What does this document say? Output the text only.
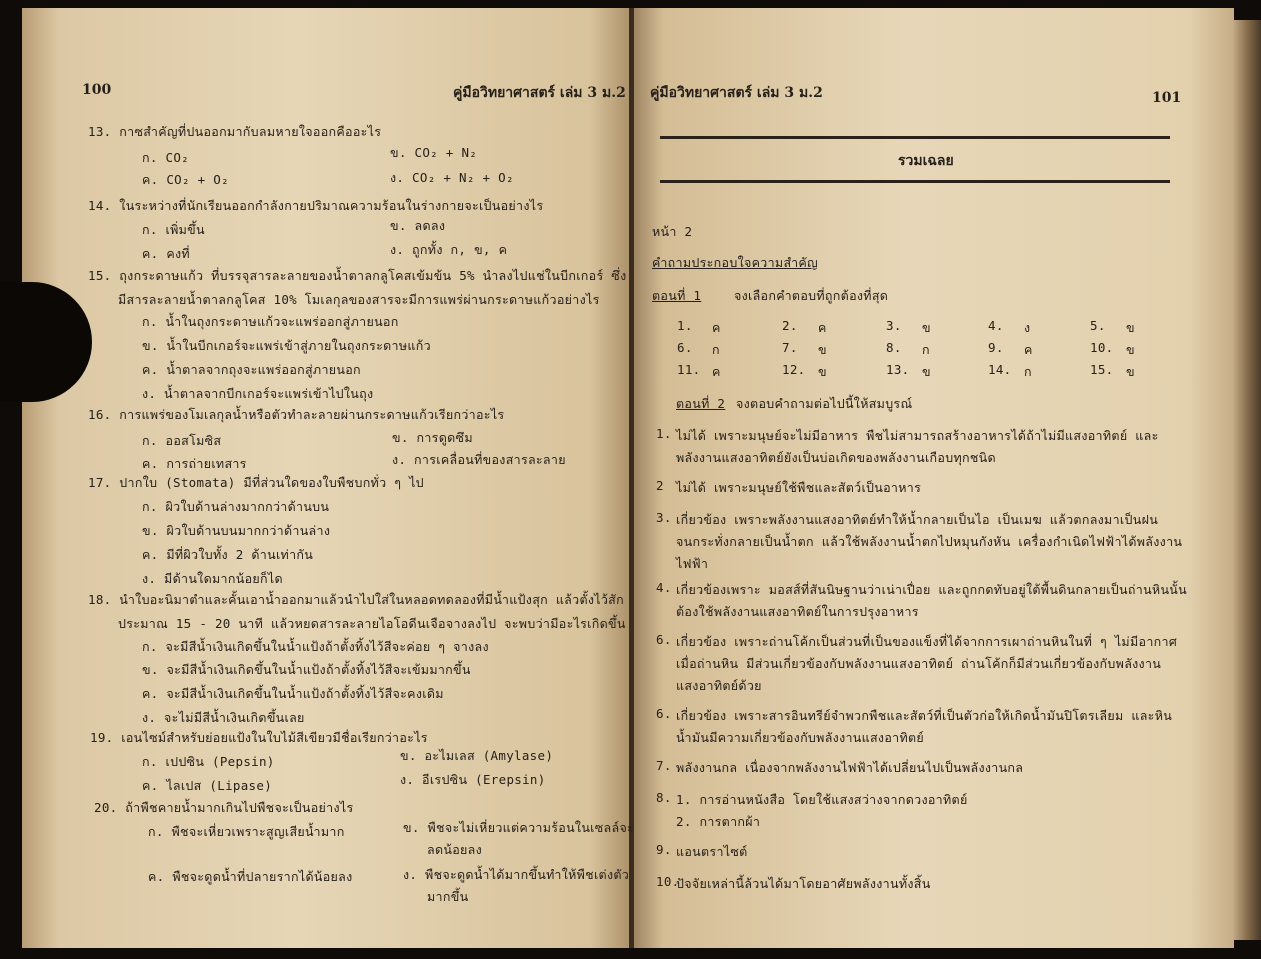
100	คู่มือวิทยาศาสตร์ เล่ม 3 ม.2
13. กาซสำคัญที่ปนออกมากับลมหายใจออกคืออะไร
ก. CO₂	ข. CO₂ + N₂
ค. CO₂ + O₂	ง. CO₂ + N₂ + O₂
14. ในระหว่างที่นักเรียนออกกำลังกายปริมาณความร้อนในร่างกายจะเป็นอย่างไร
ก. เพิ่มขึ้น	ข. ลดลง
ค. คงที่	ง. ถูกทั้ง ก, ข, ค
15. ถุงกระดาษแก้ว ที่บรรจุสารละลายของน้ำตาลกลูโคสเข้มข้น 5% นำลงไปแช่ในบีกเกอร์ ซึ่ง
มีสารละลายน้ำตาลกลูโคส 10% โมเลกุลของสารจะมีการแพร่ผ่านกระดาษแก้วอย่างไร
ก. น้ำในถุงกระดาษแก้วจะแพร่ออกสู่ภายนอก
ข. น้ำในบีกเกอร์จะแพร่เข้าสู่ภายในถุงกระดาษแก้ว
ค. น้ำตาลจากถุงจะแพร่ออกสู่ภายนอก
ง. น้ำตาลจากบีกเกอร์จะแพร่เข้าไปในถุง
16. การแพร่ของโมเลกุลน้ำหรือตัวทำละลายผ่านกระดาษแก้วเรียกว่าอะไร
ก. ออสโมซิส	ข. การดูดซึม
ค. การถ่ายเทสาร	ง. การเคลื่อนที่ของสารละลาย
17. ปากใบ (Stomata) มีที่ส่วนใดของใบพืชบกทั่ว ๆ ไป
ก. ผิวใบด้านล่างมากกว่าด้านบน
ข. ผิวใบด้านบนมากกว่าด้านล่าง
ค. มีที่ผิวใบทั้ง 2 ด้านเท่ากัน
ง. มีด้านใดมากน้อยก็ได
18. นำใบอะนิมาตำและคั้นเอาน้ำออกมาแล้วนำไปใส่ในหลอดทดลองที่มีน้ำแป้งสุก แล้วตั้งไว้สัก
ประมาณ 15 - 20 นาที แล้วหยดสารละลายไอโอดีนเจือจางลงไป จะพบว่ามีอะไรเกิดขึ้น
ก. จะมีสีน้ำเงินเกิดขึ้นในน้ำแป้งถ้าตั้งทิ้งไว้สีจะค่อย ๆ จางลง
ข. จะมีสีน้ำเงินเกิดขึ้นในน้ำแป้งถ้าตั้งทิ้งไว้สีจะเข้มมากขึ้น
ค. จะมีสีน้ำเงินเกิดขึ้นในน้ำแป้งถ้าตั้งทิ้งไว้สีจะคงเดิม
ง. จะไม่มีสีน้ำเงินเกิดขึ้นเลย
19. เอนไซม์สำหรับย่อยแป้งในใบไม้สีเขียวมีชื่อเรียกว่าอะไร
ก. เปปซิน (Pepsin)	ข. อะไมเลส (Amylase)
ค. ไลเปส (Lipase)	ง. อีเรปซิน (Erepsin)
20. ถ้าพืชคายน้ำมากเกินไปพืชจะเป็นอย่างไร
ก. พืชจะเหี่ยวเพราะสูญเสียน้ำมาก	ข. พืชจะไม่เหี่ยวแต่ความร้อนในเซลล์จะ
ลดน้อยลง
ค. พืชจะดูดน้ำที่ปลายรากได้น้อยลง	ง. พืชจะดูดน้ำได้มากขึ้นทำให้พืชเต่งตัว
มากขึ้น
คู่มือวิทยาศาสตร์ เล่ม 3 ม.2	101
รวมเฉลย
หน้า 2
คำถามประกอบใจความสำคัญ
ตอนที่ 1	จงเลือกคำตอบที่ถูกต้องที่สุด
1. ค	2. ค	3. ข	4. ง	5. ข
6. ก	7. ข	8. ก	9. ค	10. ข
11. ค	12. ข	13. ข	14. ก	15. ข
ตอนที่ 2 จงตอบคำถามต่อไปนี้ให้สมบูรณ์
1. ไม่ได้ เพราะมนุษย์จะไม่มีอาหาร พืชไม่สามารถสร้างอาหารได้ถ้าไม่มีแสงอาทิตย์ และ
พลังงานแสงอาทิตย์ยังเป็นบ่อเกิดของพลังงานเกือบทุกชนิด
2 ไม่ได้ เพราะมนุษย์ใช้พืชและสัตว์เป็นอาหาร
3. เกี่ยวข้อง เพราะพลังงานแสงอาทิตย์ทำให้น้ำกลายเป็นไอ เป็นเมฆ แล้วตกลงมาเป็นฝน
จนกระทั่งกลายเป็นน้ำตก แล้วใช้พลังงานน้ำตกไปหมุนกังหัน เครื่องกำเนิดไฟฟ้าได้พลังงาน
ไฟฟ้า
4. เกี่ยวข้องเพราะ มอสส์ที่สันนิษฐานว่าเน่าเปื่อย และถูกกดทับอยู่ใต้พื้นดินกลายเป็นถ่านหินนั้น
ต้องใช้พลังงานแสงอาทิตย์ในการปรุงอาหาร
6. เกี่ยวข้อง เพราะถ่านโค้กเป็นส่วนที่เป็นของแข็งที่ได้จากการเผาถ่านหินในที่ ๆ ไม่มีอากาศ
เมื่อถ่านหิน มีส่วนเกี่ยวข้องกับพลังงานแสงอาทิตย์ ถ่านโค้กก็มีส่วนเกี่ยวข้องกับพลังงาน
แสงอาทิตย์ด้วย
6. เกี่ยวข้อง เพราะสารอินทรีย์จำพวกพืชและสัตว์ที่เป็นตัวก่อให้เกิดน้ำมันปิโตรเลียม และหิน
น้ำมันมีความเกี่ยวข้องกับพลังงานแสงอาทิตย์
7. พลังงานกล เนื่องจากพลังงานไฟฟ้าได้เปลี่ยนไปเป็นพลังงานกล
8. 1. การอ่านหนังสือ โดยใช้แสงสว่างจากดวงอาทิตย์
2. การตากผ้า
9. แอนตราไซต์
10.
ปัจจัยเหล่านี้ล้วนได้มาโดยอาศัยพลังงานทั้งสิ้น
